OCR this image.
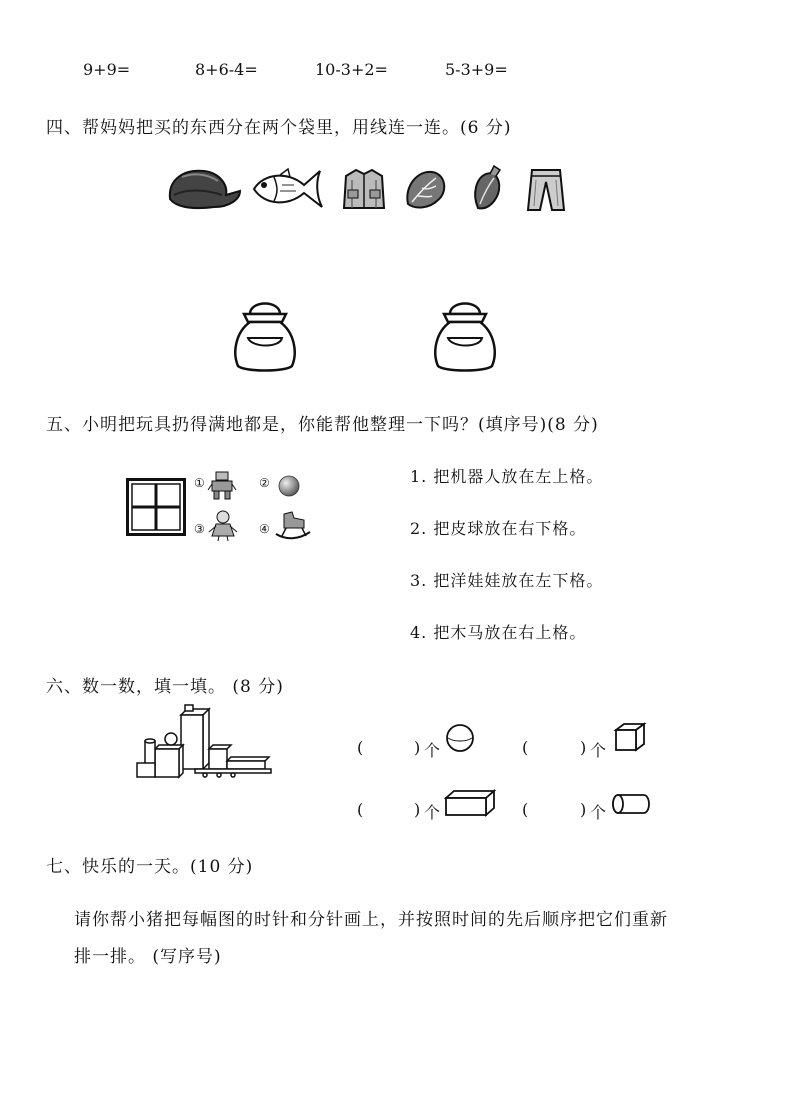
9+9=	8+6-4=	10-3+2=	5-3+9=
四、帮妈妈把买的东西分在两个袋里，用线连一连。(6 分)
五、小明把玩具扔得满地都是，你能帮他整理一下吗？(填序号)(8 分)
①	②
③	④
1. 把机器人放在左上格。
2. 把皮球放在右下格。
3. 把洋娃娃放在左下格。
4. 把木马放在右上格。
六、数一数，填一填。 (8 分)
(	) 个	(	) 个
(	) 个	(	) 个
七、快乐的一天。(10 分)
请你帮小猪把每幅图的时针和分针画上，并按照时间的先后顺序把它们重新
排一排。 (写序号)
